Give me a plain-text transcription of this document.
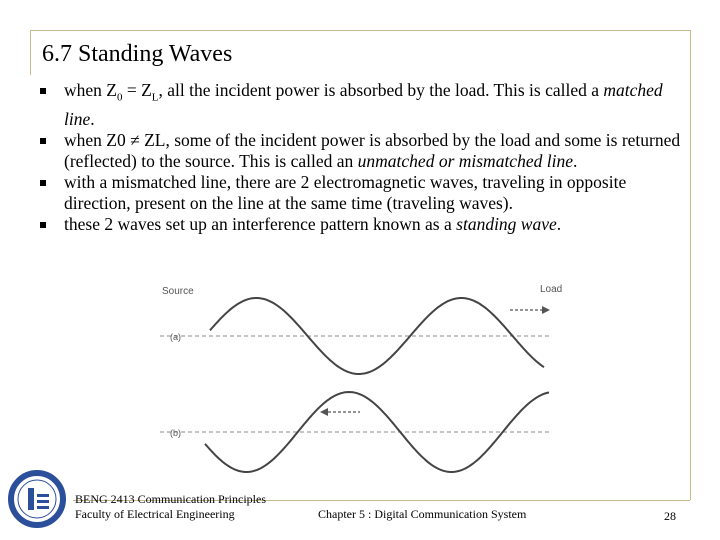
6.7 Standing Waves
when $Z_0 = Z_L$, all the incident power is absorbed by the load. This is called a matched line.
when Z0 ≠ ZL, some of the incident power is absorbed by the load and some is returned (reflected) to the source. This is called an unmatched or mismatched line.
with a mismatched line, there are 2 electromagnetic waves, traveling in opposite direction, present on the line at the same time (traveling waves).
these 2 waves set up an interference pattern known as a standing wave.
Source	Load
(a)
(b)
BENG 2413 Communication Principles
Faculty of Electrical Engineering	Chapter 5 : Digital Communication System	28
